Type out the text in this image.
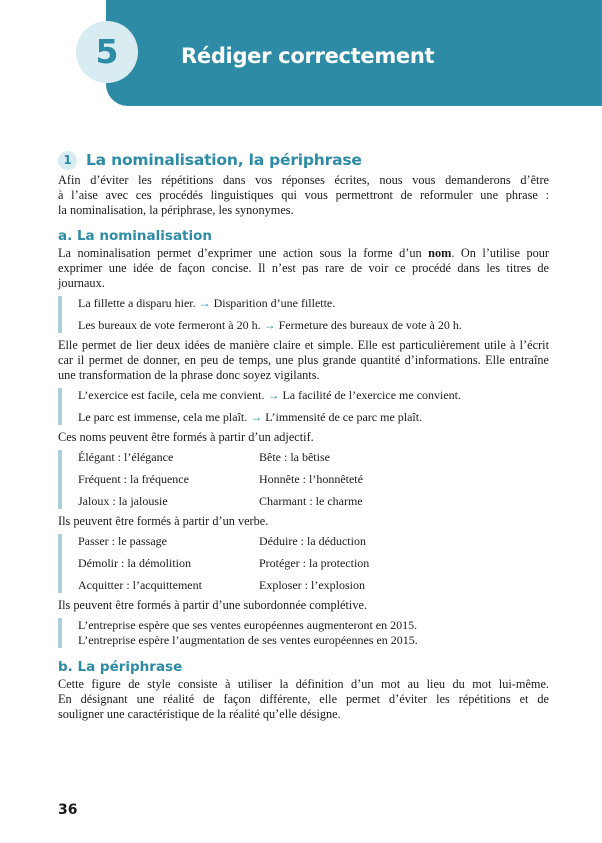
5	Rédiger correctement
1 La nominalisation, la périphrase

Afin d’éviter les répétitions dans vos réponses écrites, nous vous demanderons d’être

à l’aise avec ces procédés linguistiques qui vous permettront de reformuler une phrase :

la nominalisation, la périphrase, les synonymes.

a. La nominalisation

La nominalisation permet d’exprimer une action sous la forme d’un nom. On l’utilise pour

exprimer une idée de façon concise. Il n’est pas rare de voir ce procédé dans les titres de

journaux.

La fillette a disparu hier. → Disparition d’une fillette.
Les bureaux de vote fermeront à 20 h. → Fermeture des bureaux de vote à 20 h.

Elle permet de lier deux idées de manière claire et simple. Elle est particulièrement utile à l’écrit

car il permet de donner, en peu de temps, une plus grande quantité d’informations. Elle entraîne

une transformation de la phrase donc soyez vigilants.

L’exercice est facile, cela me convient. → La facilité de l’exercice me convient.
Le parc est immense, cela me plaît. → L’immensité de ce parc me plaît.

Ces noms peuvent être formés à partir d’un adjectif.

Élégant : l’élégance	Bête : la bêtise
Fréquent : la fréquence	Honnête : l’honnêteté
Jaloux : la jalousie	Charmant : le charme

Ils peuvent être formés à partir d’un verbe.

Passer : le passage	Déduire : la déduction
Démolir : la démolition	Protéger : la protection
Acquitter : l’acquittement	Exploser : l’explosion

Ils peuvent être formés à partir d’une subordonnée complétive.

L’entreprise espère que ses ventes européennes augmenteront en 2015.
L’entreprise espère l’augmentation de ses ventes européennes en 2015.
b. La périphrase

Cette figure de style consiste à utiliser la définition d’un mot au lieu du mot lui-même.

En désignant une réalité de façon différente, elle permet d’éviter les répétitions et de

souligner une caractéristique de la réalité qu’elle désigne.

36
